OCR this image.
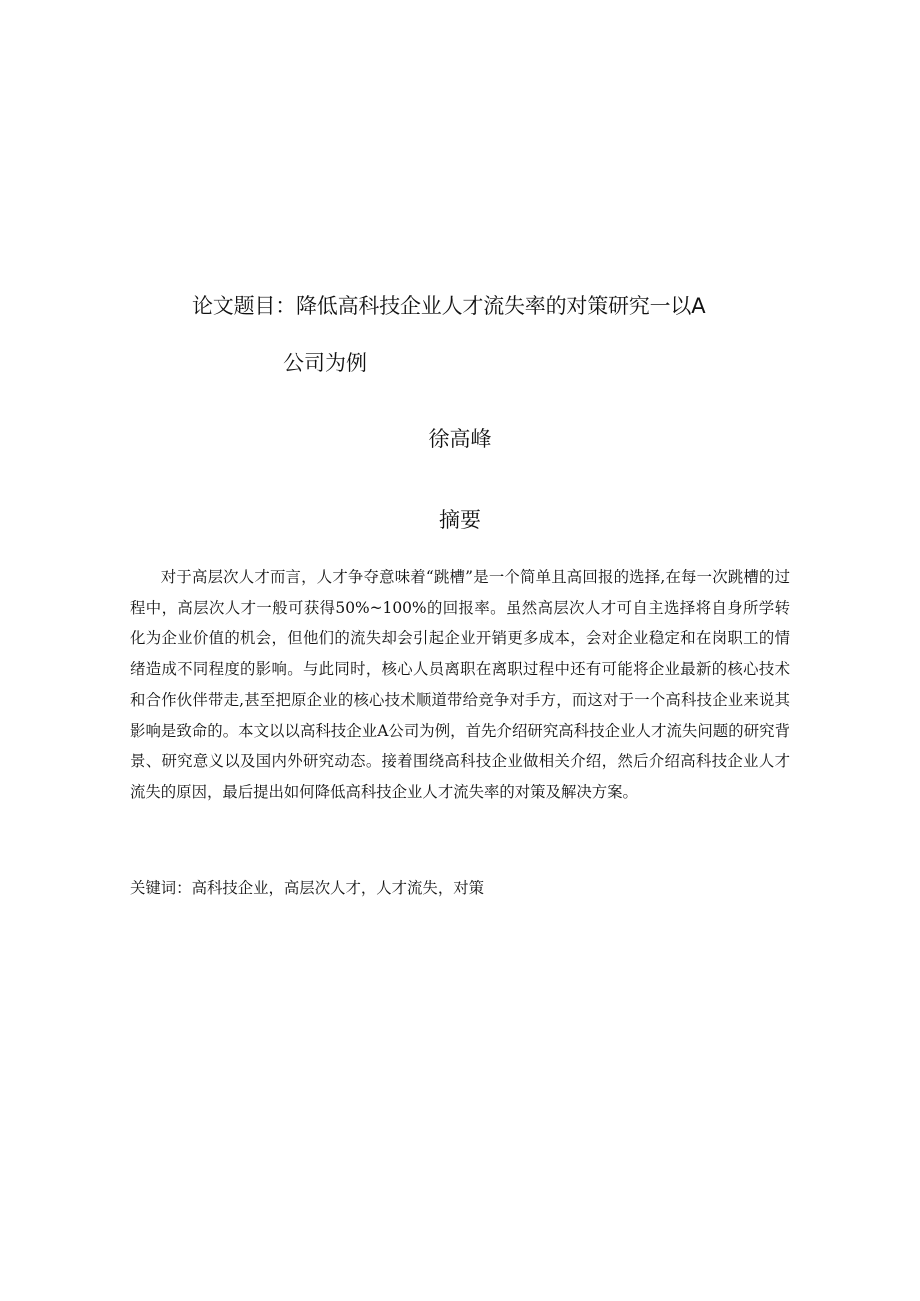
论文题目：降低高科技企业人才流失率的对策研究一以A
公司为例
徐高峰
摘要

对于高层次人才而言，人才争夺意味着“跳槽”是一个简单且高回报的选择,在每一次跳槽的过程中，高层次人才一般可获得50%~100%的回报率。虽然高层次人才可自主选择将自身所学转化为企业价值的机会，但他们的流失却会引起企业开销更多成本，会对企业稳定和在岗职工的情绪造成不同程度的影响。与此同时，核心人员离职在离职过程中还有可能将企业最新的核心技术和合作伙伴带走,甚至把原企业的核心技术顺道带给竞争对手方，而这对于一个高科技企业来说其影响是致命的。本文以以高科技企业A公司为例，首先介绍研究高科技企业人才流失问题的研究背景、研究意义以及国内外研究动态。接着围绕高科技企业做相关介绍，然后介绍高科技企业人才流失的原因，最后提出如何降低高科技企业人才流失率的对策及解决方案。

关键词：高科技企业，高层次人才，人才流失，对策
